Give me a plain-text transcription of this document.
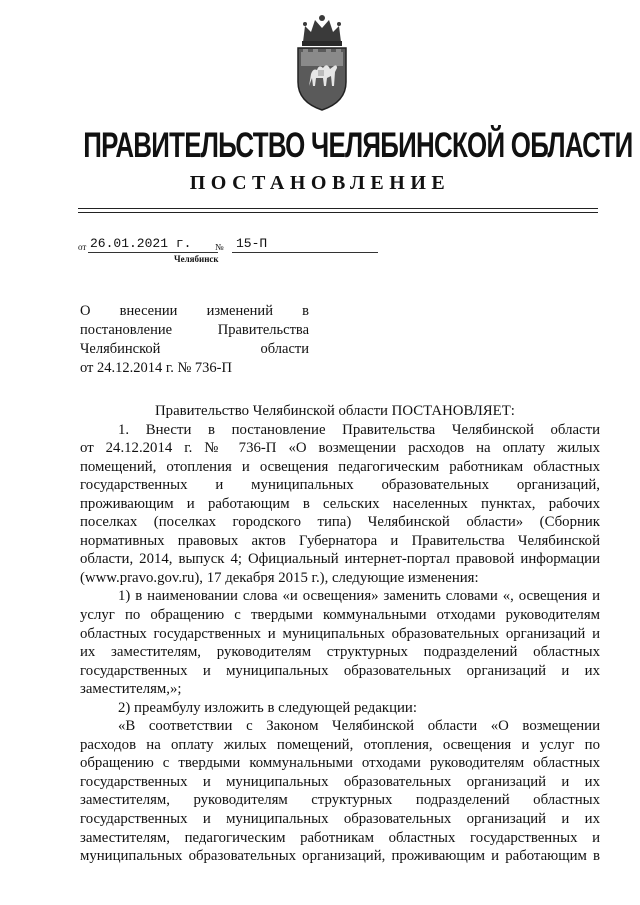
ПРАВИТЕЛЬСТВО ЧЕЛЯБИНСКОЙ ОБЛАСТИ
ПОСТАНОВЛЕНИЕ
от 26.01.2021 г.	№ 15-П
Челябинск
О внесении изменений в
постановление Правительства
Челябинской области
от 24.12.2014 г. № 736-П
Правительство Челябинской области ПОСТАНОВЛЯЕТ:
1. Внести в постановление Правительства Челябинской области
от 24.12.2014 г. № 736-П «О возмещении расходов на оплату жилых
помещений, отопления и освещения педагогическим работникам областных
государственных и муниципальных образовательных организаций,
проживающим и работающим в сельских населенных пунктах, рабочих
поселках (поселках городского типа) Челябинской области» (Сборник
нормативных правовых актов Губернатора и Правительства Челябинской
области, 2014, выпуск 4; Официальный интернет-портал правовой информации
(www.pravo.gov.ru), 17 декабря 2015 г.), следующие изменения:
1) в наименовании слова «и освещения» заменить словами «, освещения и
услуг по обращению с твердыми коммунальными отходами руководителям
областных государственных и муниципальных образовательных организаций и
их заместителям, руководителям структурных подразделений областных
государственных и муниципальных образовательных организаций и их
заместителям,»;
2) преамбулу изложить в следующей редакции:
«В соответствии с Законом Челябинской области «О возмещении
расходов на оплату жилых помещений, отопления, освещения и услуг по
обращению с твердыми коммунальными отходами руководителям областных
государственных и муниципальных образовательных организаций и их
заместителям, руководителям структурных подразделений областных
государственных и муниципальных образовательных организаций и их
заместителям, педагогическим работникам областных государственных и
муниципальных образовательных организаций, проживающим и работающим в
